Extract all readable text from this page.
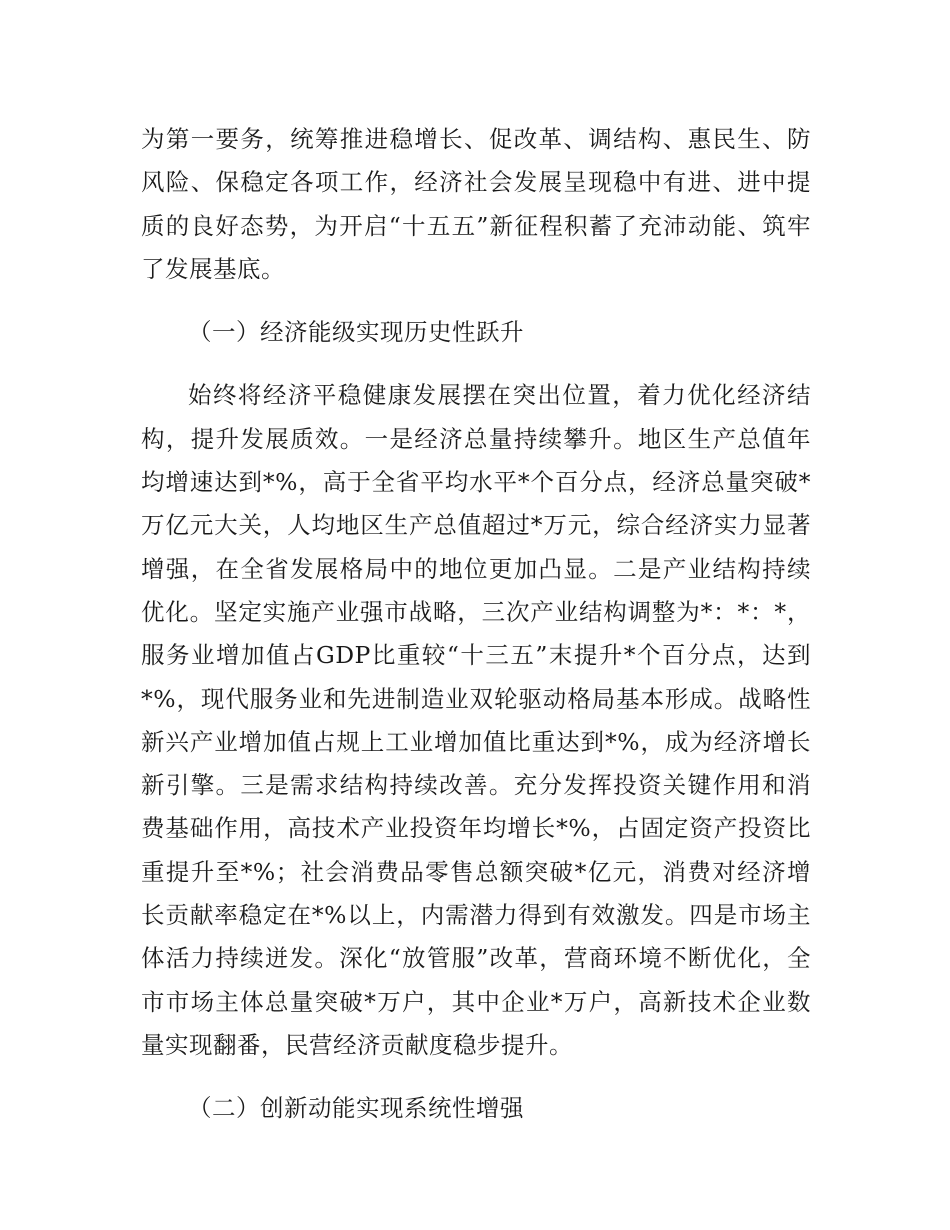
为第一要务，统筹推进稳增长、促改革、调结构、惠民生、防风险、保稳定各项工作，经济社会发展呈现稳中有进、进中提质的良好态势，为开启“十五五”新征程积蓄了充沛动能、筑牢了发展基底。

（一）经济能级实现历史性跃升

始终将经济平稳健康发展摆在突出位置，着力优化经济结构，提升发展质效。一是经济总量持续攀升。地区生产总值年均增速达到*%，高于全省平均水平*个百分点，经济总量突破*万亿元大关，人均地区生产总值超过*万元，综合经济实力显著增强，在全省发展格局中的地位更加凸显。二是产业结构持续优化。坚定实施产业强市战略，三次产业结构调整为*：*：*，服务业增加值占GDP比重较“十三五”末提升*个百分点，达到*%，现代服务业和先进制造业双轮驱动格局基本形成。战略性新兴产业增加值占规上工业增加值比重达到*%，成为经济增长新引擎。三是需求结构持续改善。充分发挥投资关键作用和消费基础作用，高技术产业投资年均增长*%，占固定资产投资比重提升至*%；社会消费品零售总额突破*亿元，消费对经济增长贡献率稳定在*%以上，内需潜力得到有效激发。四是市场主体活力持续迸发。深化“放管服”改革，营商环境不断优化，全市市场主体总量突破*万户，其中企业*万户，高新技术企业数量实现翻番，民营经济贡献度稳步提升。

（二）创新动能实现系统性增强
